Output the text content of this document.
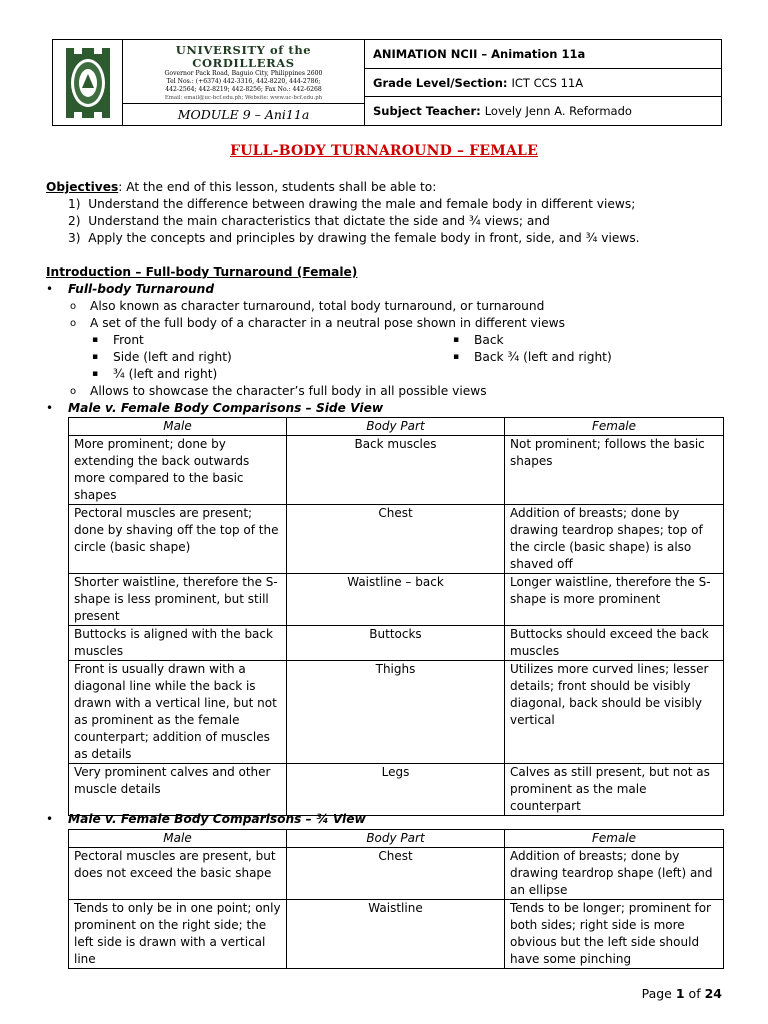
UNIVERSITY of the CORDILLERAS
Governor Pack Road, Baguio City, Philippines 2600
Tel Nos.: (+6374) 442-3316, 442-8220, 444-2786;
442-2564; 442-8219; 442-8256; Fax No.: 442-6268
Email: email@uc-bcf.edu.ph; Website: www.uc-bcf.edu.ph
MODULE 9 – Ani11a
ANIMATION NCII – Animation 11a
Grade Level/Section: ICT CCS 11A
Subject Teacher: Lovely Jenn A. Reformado
FULL-BODY TURNAROUND – FEMALE
Objectives: At the end of this lesson, students shall be able to:
1)  Understand the difference between drawing the male and female body in different views;
2)  Understand the main characteristics that dictate the side and ¾ views; and
3)  Apply the concepts and principles by drawing the female body in front, side, and ¾ views.
Introduction – Full-body Turnaround (Female)
• Full-body Turnaround
o Also known as character turnaround, total body turnaround, or turnaround
o A set of the full body of a character in a neutral pose shown in different views
▪ Front
▪ Side (left and right)
▪ ¾ (left and right)
▪ Back
▪ Back ¾ (left and right)
o Allows to showcase the character’s full body in all possible views
• Male v. Female Body Comparisons – Side View
Male	Body Part	Female
More prominent; done by extending the back outwards more compared to the basic shapes	Back muscles	Not prominent; follows the basic shapes
Pectoral muscles are present; done by shaving off the top of the circle (basic shape)	Chest	Addition of breasts; done by drawing teardrop shapes; top of the circle (basic shape) is also shaved off
Shorter waistline, therefore the S-shape is less prominent, but still present	Waistline – back	Longer waistline, therefore the S-shape is more prominent
Buttocks is aligned with the back muscles	Buttocks	Buttocks should exceed the back muscles
Front is usually drawn with a diagonal line while the back is drawn with a vertical line, but not as prominent as the female counterpart; addition of muscles as details	Thighs	Utilizes more curved lines; lesser details; front should be visibly diagonal, back should be visibly vertical
Very prominent calves and other muscle details	Legs	Calves as still present, but not as prominent as the male counterpart
• Male v. Female Body Comparisons – ¾ View
Male	Body Part	Female
Pectoral muscles are present, but does not exceed the basic shape	Chest	Addition of breasts; done by drawing teardrop shape (left) and an ellipse
Tends to only be in one point; only prominent on the right side; the left side is drawn with a vertical line	Waistline	Tends to be longer; prominent for both sides; right side is more obvious but the left side should have some pinching
Page 1 of 24
